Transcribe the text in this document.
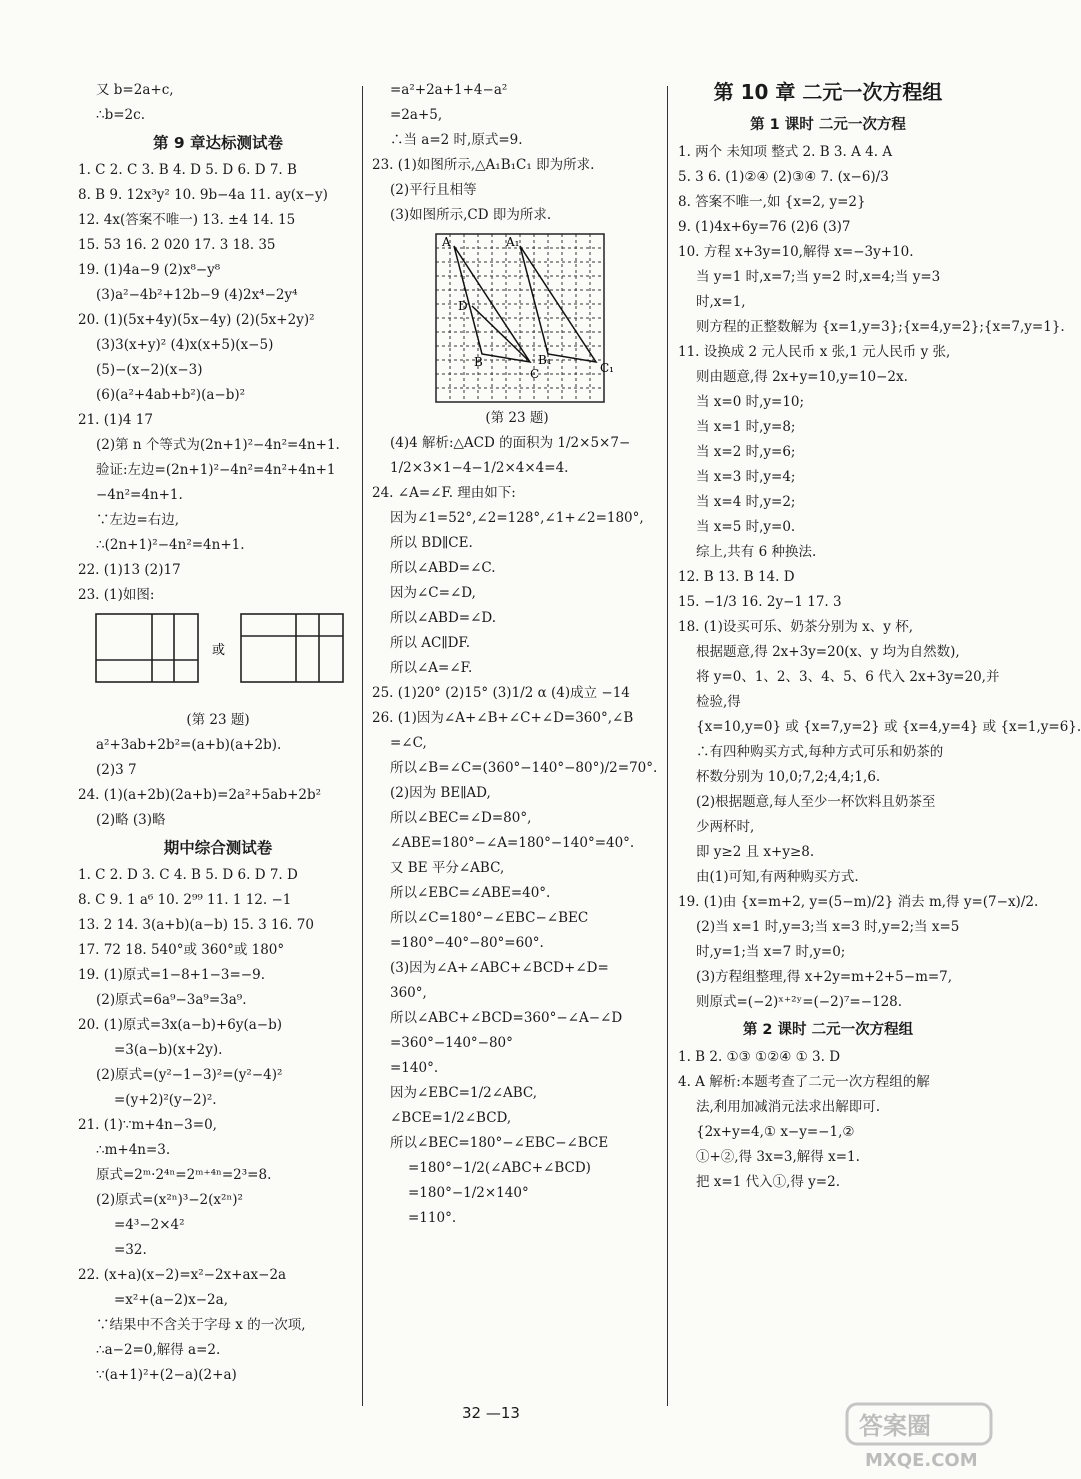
又 b=2a+c,
∴b=2c.
第 9 章达标测试卷
1. C 2. C 3. B 4. D 5. D 6. D 7. B
8. B 9. 12x³y² 10. 9b−4a 11. ay(x−y)
12. 4x(答案不唯一) 13. ±4 14. 15
15. 53 16. 2 020 17. 3 18. 35
19. (1)4a−9 (2)x⁸−y⁸
(3)a²−4b²+12b−9 (4)2x⁴−2y⁴
20. (1)(5x+4y)(5x−4y) (2)(5x+2y)²
(3)3(x+y)² (4)x(x+5)(x−5)
(5)−(x−2)(x−3)
(6)(a²+4ab+b²)(a−b)²
21. (1)4 17
(2)第 n 个等式为(2n+1)²−4n²=4n+1.
验证:左边=(2n+1)²−4n²=4n²+4n+1
−4n²=4n+1.
∵左边=右边,
∴(2n+1)²−4n²=4n+1.
22. (1)13 (2)17
23. (1)如图:
或
(第 23 题)
a²+3ab+2b²=(a+b)(a+2b).
(2)3 7
24. (1)(a+2b)(2a+b)=2a²+5ab+2b²
(2)略 (3)略
期中综合测试卷
1. C 2. D 3. C 4. B 5. D 6. D 7. D
8. C 9. 1 a⁶ 10. 2⁹⁹ 11. 1 12. −1
13. 2 14. 3(a+b)(a−b) 15. 3 16. 70
17. 72 18. 540°或 360°或 180°
19. (1)原式=1−8+1−3=−9.
(2)原式=6a⁹−3a⁹=3a⁹.
20. (1)原式=3x(a−b)+6y(a−b)
=3(a−b)(x+2y).
(2)原式=(y²−1−3)²=(y²−4)²
=(y+2)²(y−2)².
21. (1)∵m+4n−3=0,
∴m+4n=3.
原式=2ᵐ·2⁴ⁿ=2ᵐ⁺⁴ⁿ=2³=8.
(2)原式=(x²ⁿ)³−2(x²ⁿ)²
=4³−2×4²
=32.
22. (x+a)(x−2)=x²−2x+ax−2a
=x²+(a−2)x−2a,
∵结果中不含关于字母 x 的一次项,
∴a−2=0,解得 a=2.
∵(a+1)²+(2−a)(2+a)
=a²+2a+1+4−a²
=2a+5,
∴当 a=2 时,原式=9.
23. (1)如图所示,△A₁B₁C₁ 即为所求.
(2)平行且相等
(3)如图所示,CD 即为所求.
A	A₁
D
B	B₁
C	C₁
(第 23 题)
(4)4 解析:△ACD 的面积为 1/2×5×7−
1/2×3×1−4−1/2×4×4=4.
24. ∠A=∠F. 理由如下:
因为∠1=52°,∠2=128°,∠1+∠2=180°,
所以 BD∥CE.
所以∠ABD=∠C.
因为∠C=∠D,
所以∠ABD=∠D.
所以 AC∥DF.
所以∠A=∠F.
25. (1)20° (2)15° (3)1/2 α (4)成立 −14
26. (1)因为∠A+∠B+∠C+∠D=360°,∠B
=∠C,
所以∠B=∠C=(360°−140°−80°)/2=70°.
(2)因为 BE∥AD,
所以∠BEC=∠D=80°,
∠ABE=180°−∠A=180°−140°=40°.
又 BE 平分∠ABC,
所以∠EBC=∠ABE=40°.
所以∠C=180°−∠EBC−∠BEC
=180°−40°−80°=60°.
(3)因为∠A+∠ABC+∠BCD+∠D=
360°,
所以∠ABC+∠BCD=360°−∠A−∠D
=360°−140°−80°
=140°.
因为∠EBC=1/2∠ABC,
∠BCE=1/2∠BCD,
所以∠BEC=180°−∠EBC−∠BCE
=180°−1/2(∠ABC+∠BCD)
=180°−1/2×140°
=110°.
第 10 章 二元一次方程组
第 1 课时 二元一次方程
1. 两个 未知项 整式 2. B 3. A 4. A
5. 3 6. (1)②④ (2)③④ 7. (x−6)/3
8. 答案不唯一,如 {x=2, y=2}
9. (1)4x+6y=76 (2)6 (3)7
10. 方程 x+3y=10,解得 x=−3y+10.
当 y=1 时,x=7;当 y=2 时,x=4;当 y=3
时,x=1,
则方程的正整数解为 {x=1,y=3};{x=4,y=2};{x=7,y=1}.
11. 设换成 2 元人民币 x 张,1 元人民币 y 张,
则由题意,得 2x+y=10,y=10−2x.
当 x=0 时,y=10;
当 x=1 时,y=8;
当 x=2 时,y=6;
当 x=3 时,y=4;
当 x=4 时,y=2;
当 x=5 时,y=0.
综上,共有 6 种换法.
12. B 13. B 14. D
15. −1/3 16. 2y−1 17. 3
18. (1)设买可乐、奶茶分别为 x、y 杯,
根据题意,得 2x+3y=20(x、y 均为自然数),
将 y=0、1、2、3、4、5、6 代入 2x+3y=20,并
检验,得
{x=10,y=0} 或 {x=7,y=2} 或 {x=4,y=4} 或 {x=1,y=6}.
∴有四种购买方式,每种方式可乐和奶茶的
杯数分别为 10,0;7,2;4,4;1,6.
(2)根据题意,每人至少一杯饮料且奶茶至
少两杯时,
即 y≥2 且 x+y≥8.
由(1)可知,有两种购买方式.
19. (1)由 {x=m+2, y=(5−m)/2} 消去 m,得 y=(7−x)/2.
(2)当 x=1 时,y=3;当 x=3 时,y=2;当 x=5
时,y=1;当 x=7 时,y=0;
(3)方程组整理,得 x+2y=m+2+5−m=7,
则原式=(−2)ˣ⁺²ʸ=(−2)⁷=−128.
第 2 课时 二元一次方程组
1. B 2. ①③ ①②④ ① 3. D
4. A 解析:本题考查了二元一次方程组的解
法,利用加减消元法求出解即可.
{2x+y=4,① x−y=−1,②
①+②,得 3x=3,解得 x=1.
把 x=1 代入①,得 y=2.
32 —13	答案圈
MXQE.COM
